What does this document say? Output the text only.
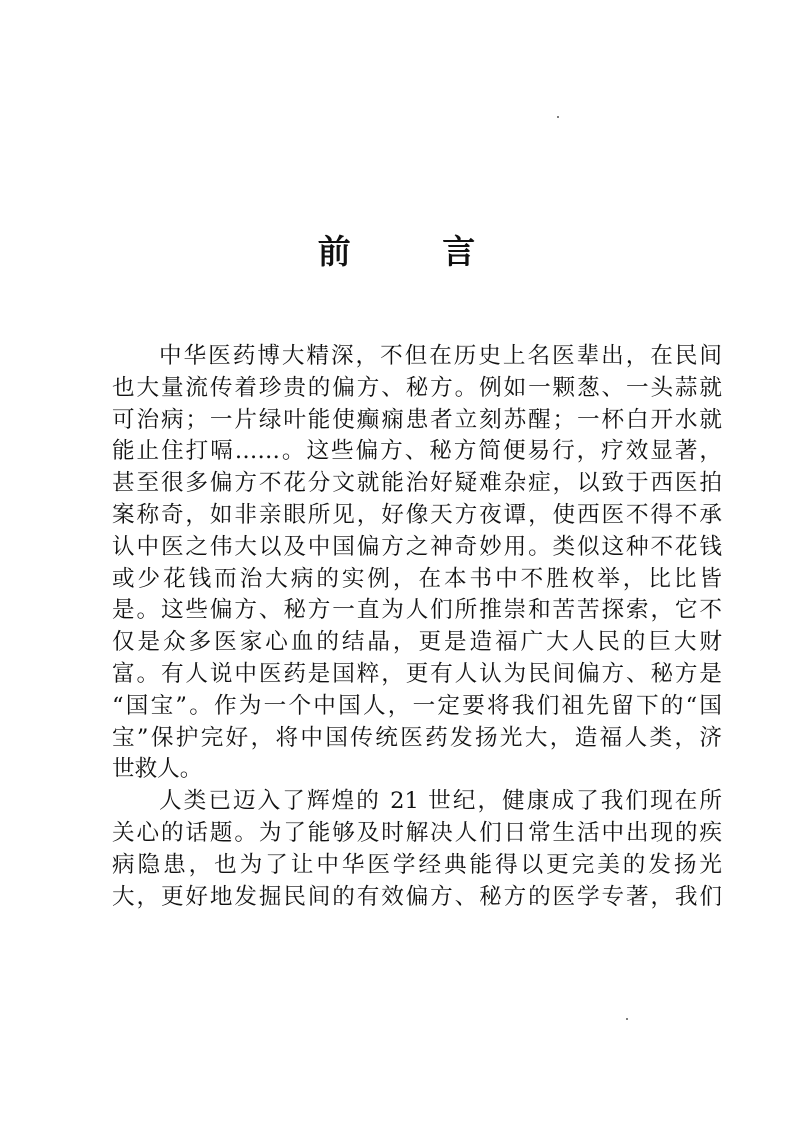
前 言
中华医药博大精深，不但在历史上名医辈出，在民间
也大量流传着珍贵的偏方、秘方。例如一颗葱、一头蒜就
可治病；一片绿叶能使癫痫患者立刻苏醒；一杯白开水就
能止住打嗝……。这些偏方、秘方简便易行，疗效显著，
甚至很多偏方不花分文就能治好疑难杂症，以致于西医拍
案称奇，如非亲眼所见，好像天方夜谭，使西医不得不承
认中医之伟大以及中国偏方之神奇妙用。类似这种不花钱
或少花钱而治大病的实例，在本书中不胜枚举，比比皆
是。这些偏方、秘方一直为人们所推崇和苦苦探索，它不
仅是众多医家心血的结晶，更是造福广大人民的巨大财
富。有人说中医药是国粹，更有人认为民间偏方、秘方是
“国宝”。作为一个中国人，一定要将我们祖先留下的“国
宝”保护完好，将中国传统医药发扬光大，造福人类，济
世救人。
人类已迈入了辉煌的 21 世纪，健康成了我们现在所
关心的话题。为了能够及时解决人们日常生活中出现的疾
病隐患，也为了让中华医学经典能得以更完美的发扬光
大，更好地发掘民间的有效偏方、秘方的医学专著，我们
